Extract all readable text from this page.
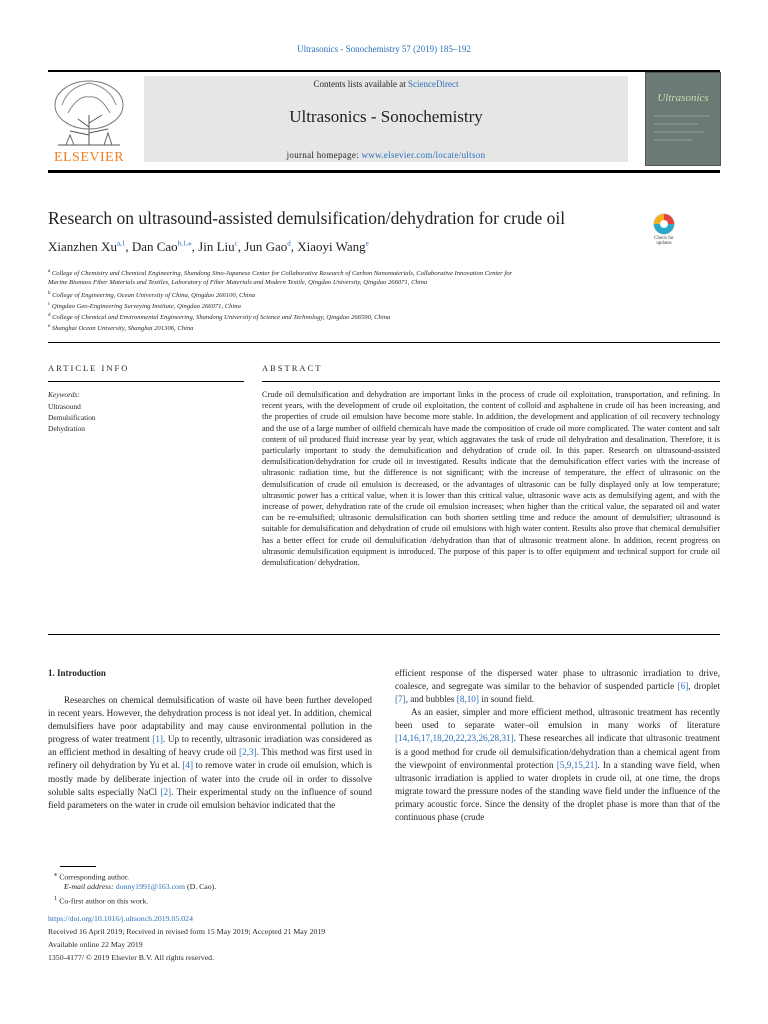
Ultrasonics - Sonochemistry 57 (2019) 185–192
ELSEVIER
Contents lists available at ScienceDirect
Ultrasonics - Sonochemistry
journal homepage: www.elsevier.com/locate/ultson
Ultrasonics
Research on ultrasound-assisted demulsification/dehydration for crude oil
Check for
updates
Xianzhen Xu$^{a,1}$, Dan Cao$^{b,1,⁎}$, Jin Liu$^c$, Jun Gao$^d$, Xiaoyi Wang$^e$
$^a$ College of Chemistry and Chemical Engineering, Shandong Sino-Japanese Center for Collaborative Research of Carbon Nanomaterials, Collaborative Innovation Center for
Marine Biomass Fiber Materials and Textiles, Laboratory of Fiber Materials and Modern Textile, Qingdao University, Qingdao 266071, China
$^b$ College of Engineering, Ocean University of China, Qingdao 266100, China
$^c$ Qingdao Geo-Engineering Surveying Institute, Qingdao 266071, China
$^d$ College of Chemical and Environmental Engineering, Shandong University of Science and Technology, Qingdao 266590, China
$^e$ Shanghai Ocean University, Shanghai 201306, China
ARTICLE INFO	ABSTRACT
Keywords:
Ultrasound
Demulsification
Dehydration
Crude oil demulsification and dehydration are important links in the process of crude oil exploitation, transportation, and refining. In recent years, with the development of crude oil exploitation, the content of colloid and asphaltene in crude oil has been increasing, and the properties of crude oil emulsion have become more stable. In addition, the development and application of oil recovery technology and the use of a large number of oilfield chemicals have made the composition of crude oil more complicated. The water content and salt content of oil produced fluid increase year by year, which aggravates the task of crude oil dehydration and desalination. Therefore, it is particularly important to study the demulsification and dehydration of crude oil. In this paper. Research on ultrasound-assisted demulsification/dehydration for crude oil in investigated. Results indicate that the demulsification effect varies with the increase of ultrasonic radiation time, but the difference is not significant; with the increase of temperature, the effect of ultrasonic on the demulsification of crude oil emulsion is decreased, or the advantages of ultrasonic can be fully displayed only at low temperature; ultrasonic power has a critical value, when it is lower than this critical value, ultrasonic wave acts as demulsifying agent, and with the increase of power, dehydration rate of the crude oil emulsion increases; when higher than the critical value, the separated oil and water can be re-emulsified; ultrasonic demulsification can both shorten settling time and reduce the amount of demulsifier; ultrasound is suitable for demulsification and dehydration of crude oil emulsions with high water content. Results also prove that chemical demulsifier has a better effect for crude oil demulsification /dehydration than that of ultrasonic treatment alone. In addition, recent progress on ultrasonic demulsification equipment is introduced. The purpose of this paper is to offer equipment and technical support for crude oil demulsification/ dehydration.
1. Introduction
Researches on chemical demulsification of waste oil have been further developed in recent years. However, the dehydration process is not ideal yet. In addition, chemical demulsifiers have poor adaptability and may cause environmental pollution in the progress of water treatment [1]. Up to recently, ultrasonic irradiation was considered as an efficient method in desalting of heavy crude oil [2,3]. This method was first used in refinery oil dehydration by Yu et al. [4] to remove water in crude oil emulsion, which is mostly made by deliberate injection of water into the crude oil in order to dissolve soluble salts especially NaCl [2]. Their experimental study on the influence of sound field parameters on the water in crude oil emulsion behavior indicated that the
efficient response of the dispersed water phase to ultrasonic irradiation to drive, coalesce, and segregate was similar to the behavior of suspended particle [6], droplet [7], and bubbles [8,10] in sound field.
As an easier, simpler and more efficient method, ultrasonic treatment has recently been used to separate water–oil emulsion in many works of literature [14,16,17,18,20,22,23,26,28,31]. These researches all indicate that ultrasonic treatment is a good method for crude oil demulsification/dehydration than a chemical agent from the viewpoint of environmental protection [5,9,15,21]. In a standing wave field, when ultrasonic irradiation is applied to water droplets in crude oil, at one time, the drops migrate toward the pressure nodes of the standing wave field under the influence of the primary acoustic force. Since the density of the droplet phase is more than that of the continuous phase (crude
⁎ Corresponding author.
E-mail address: donny1991@163.com (D. Cao).
$^1$ Co-first author on this work.
https://doi.org/10.1016/j.ultsonch.2019.05.024
Received 16 April 2019; Received in revised form 15 May 2019; Accepted 21 May 2019
Available online 22 May 2019
1350-4177/ © 2019 Elsevier B.V. All rights reserved.
